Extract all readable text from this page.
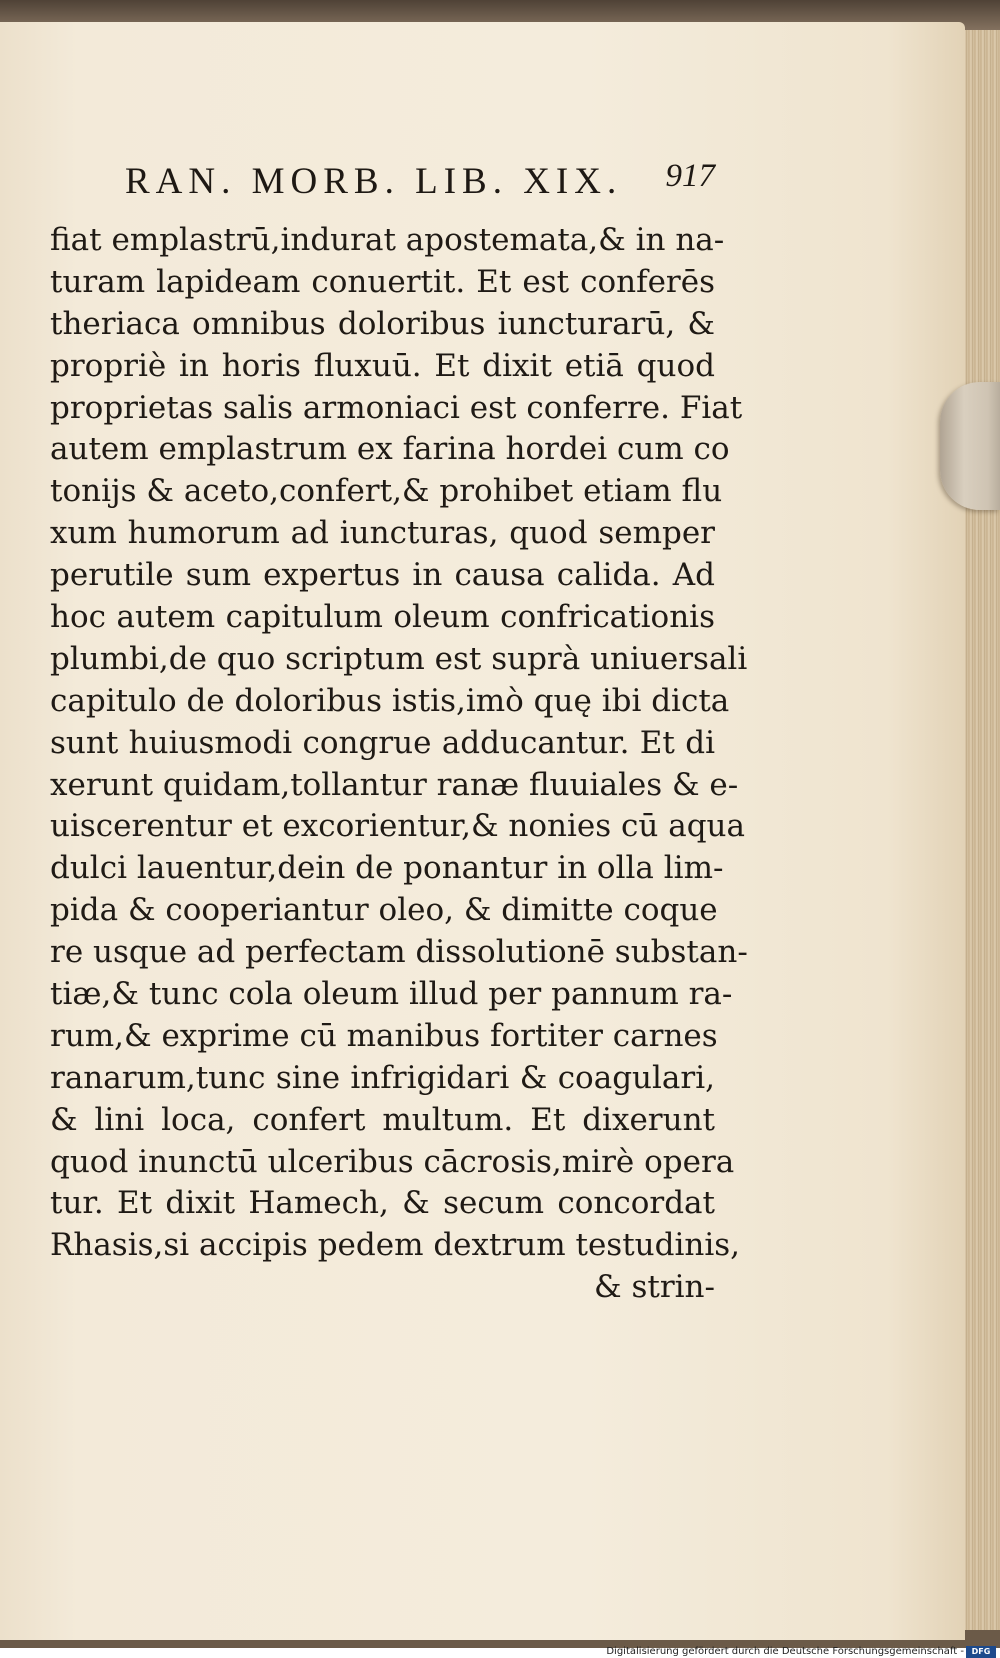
RAN. MORB. LIB. XIX. 917
fiat emplastrū,indurat apostemata,& in na-
turam lapideam conuertit. Et est conferēs
theriaca omnibus doloribus iuncturarū, &
propriè in horis fluxuū. Et dixit etiā quod
proprietas salis armoniaci est conferre. Fiat
autem emplastrum ex farina hordei cum co
tonijs & aceto,confert,& prohibet etiam flu
xum humorum ad iuncturas, quod semper
perutile sum expertus in causa calida. Ad
hoc autem capitulum oleum confricationis
plumbi,de quo scriptum est suprà uniuersali
capitulo de doloribus istis,imò quę ibi dicta
sunt huiusmodi congrue adducantur. Et di
xerunt quidam,tollantur ranæ fluuiales & e-
uiscerentur et excorientur,& nonies cū aqua
dulci lauentur,dein de ponantur in olla lim-
pida & cooperiantur oleo, & dimitte coque
re usque ad perfectam dissolutionē substan-
tiæ,& tunc cola oleum illud per pannum ra-
rum,& exprime cū manibus fortiter carnes
ranarum,tunc sine infrigidari & coagulari,
& lini loca, confert multum. Et dixerunt
quod inunctū ulceribus cācrosis,mirè opera
tur. Et dixit Hamech, & secum concordat
Rhasis,si accipis pedem dextrum testudinis,
& strin-
Digitalisierung gefördert durch die Deutsche Forschungsgemeinschaft - DFG
